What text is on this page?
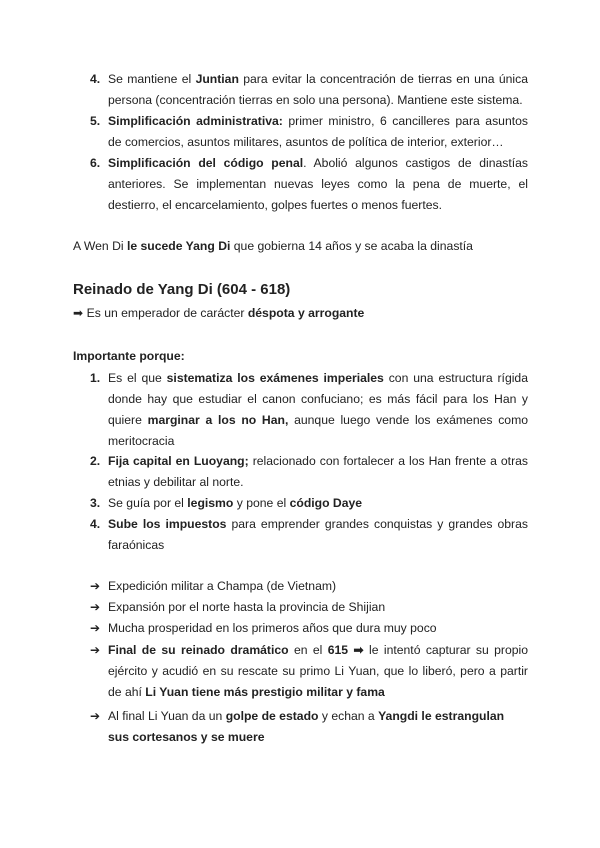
4. Se mantiene el Juntian para evitar la concentración de tierras en una única persona (concentración tierras en solo una persona). Mantiene este sistema.

5. Simplificación administrativa: primer ministro, 6 cancilleres para asuntos de comercios, asuntos militares, asuntos de política de interior, exterior…

6. Simplificación del código penal. Abolió algunos castigos de dinastías anteriores. Se implementan nuevas leyes como la pena de muerte, el destierro, el encarcelamiento, golpes fuertes o menos fuertes.

A Wen Di le sucede Yang Di que gobierna 14 años y se acaba la dinastía

Reinado de Yang Di (604 - 618)

➡ Es un emperador de carácter déspota y arrogante

Importante porque:

1. Es el que sistematiza los exámenes imperiales con una estructura rígida donde hay que estudiar el canon confuciano; es más fácil para los Han y quiere marginar a los no Han, aunque luego vende los exámenes como meritocracia

2. Fija capital en Luoyang; relacionado con fortalecer a los Han frente a otras etnias y debilitar al norte.

3. Se guía por el legismo y pone el código Daye

4. Sube los impuestos para emprender grandes conquistas y grandes obras faraónicas

➔ Expedición militar a Champa (de Vietnam)

➔ Expansión por el norte hasta la provincia de Shijian

➔ Mucha prosperidad en los primeros años que dura muy poco

➔ Final de su reinado dramático en el 615 ➡ le intentó capturar su propio ejército y acudió en su rescate su primo Li Yuan, que lo liberó, pero a partir de ahí Li Yuan tiene más prestigio militar y fama

➔ Al final Li Yuan da un golpe de estado y echan a Yangdi le estrangulan sus cortesanos y se muere
